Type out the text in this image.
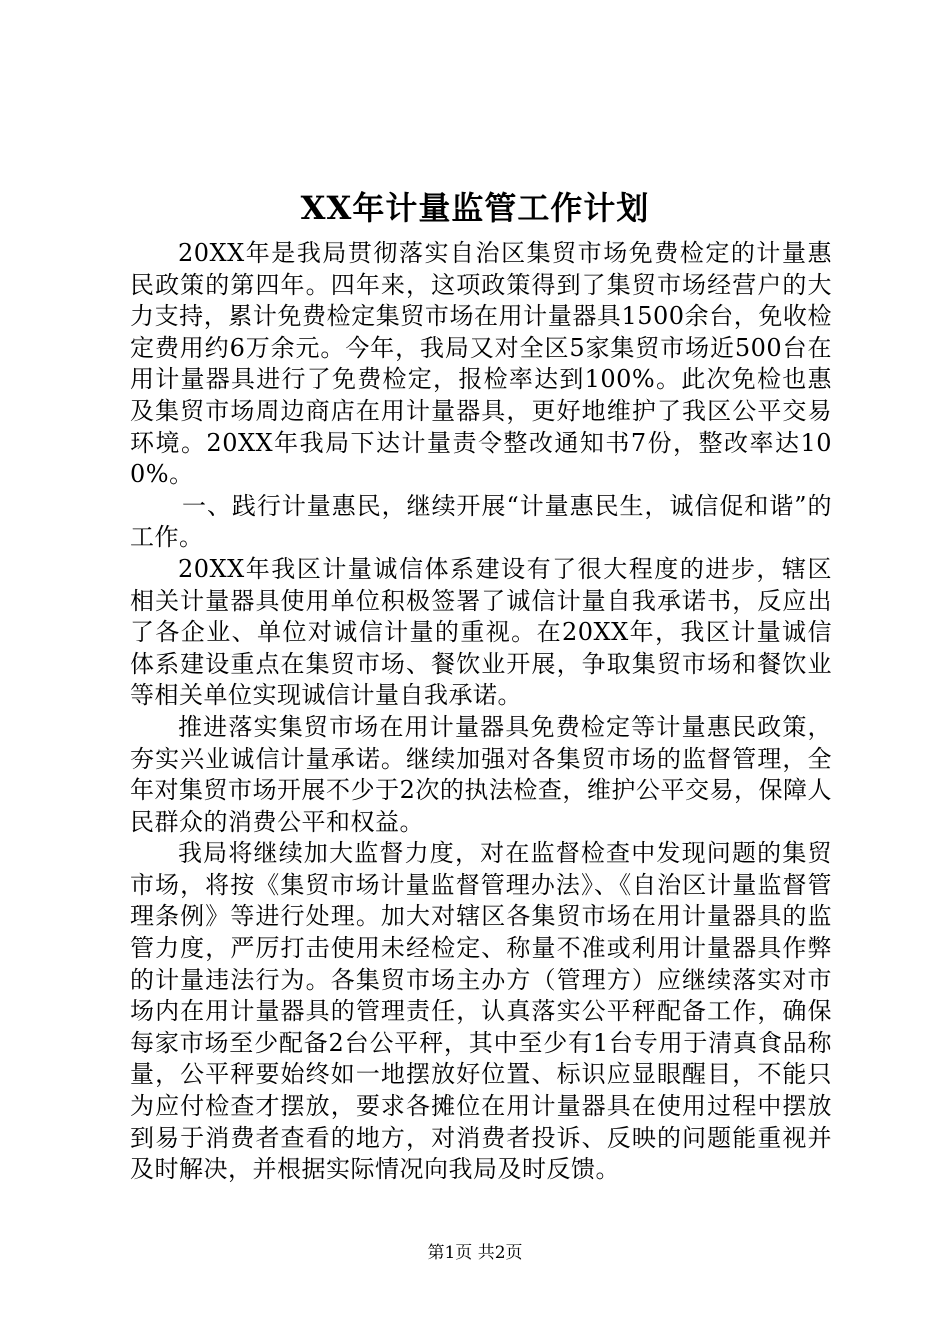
XX年计量监管工作计划

20XX年是我局贯彻落实自治区集贸市场免费检定的计量惠民政策的第四年。四年来，这项政策得到了集贸市场经营户的大力支持，累计免费检定集贸市场在用计量器具1500余台，免收检定费用约6万余元。今年，我局又对全区5家集贸市场近500台在用计量器具进行了免费检定，报检率达到100%。此次免检也惠及集贸市场周边商店在用计量器具，更好地维护了我区公平交易环境。20XX年我局下达计量责令整改通知书7份，整改率达100%。

一、践行计量惠民，继续开展“计量惠民生，诚信促和谐”的工作。

20XX年我区计量诚信体系建设有了很大程度的进步，辖区相关计量器具使用单位积极签署了诚信计量自我承诺书，反应出了各企业、单位对诚信计量的重视。在20XX年，我区计量诚信体系建设重点在集贸市场、餐饮业开展，争取集贸市场和餐饮业等相关单位实现诚信计量自我承诺。

推进落实集贸市场在用计量器具免费检定等计量惠民政策，夯实兴业诚信计量承诺。继续加强对各集贸市场的监督管理，全年对集贸市场开展不少于2次的执法检查，维护公平交易，保障人民群众的消费公平和权益。

我局将继续加大监督力度，对在监督检查中发现问题的集贸市场，将按《集贸市场计量监督管理办法》、《自治区计量监督管理条例》等进行处理。加大对辖区各集贸市场在用计量器具的监管力度，严厉打击使用未经检定、称量不准或利用计量器具作弊的计量违法行为。各集贸市场主办方（管理方）应继续落实对市场内在用计量器具的管理责任，认真落实公平秤配备工作，确保每家市场至少配备2台公平秤，其中至少有1台专用于清真食品称量，公平秤要始终如一地摆放好位置、标识应显眼醒目，不能只为应付检查才摆放，要求各摊位在用计量器具在使用过程中摆放到易于消费者查看的地方，对消费者投诉、反映的问题能重视并及时解决，并根据实际情况向我局及时反馈。

第1页 共2页
